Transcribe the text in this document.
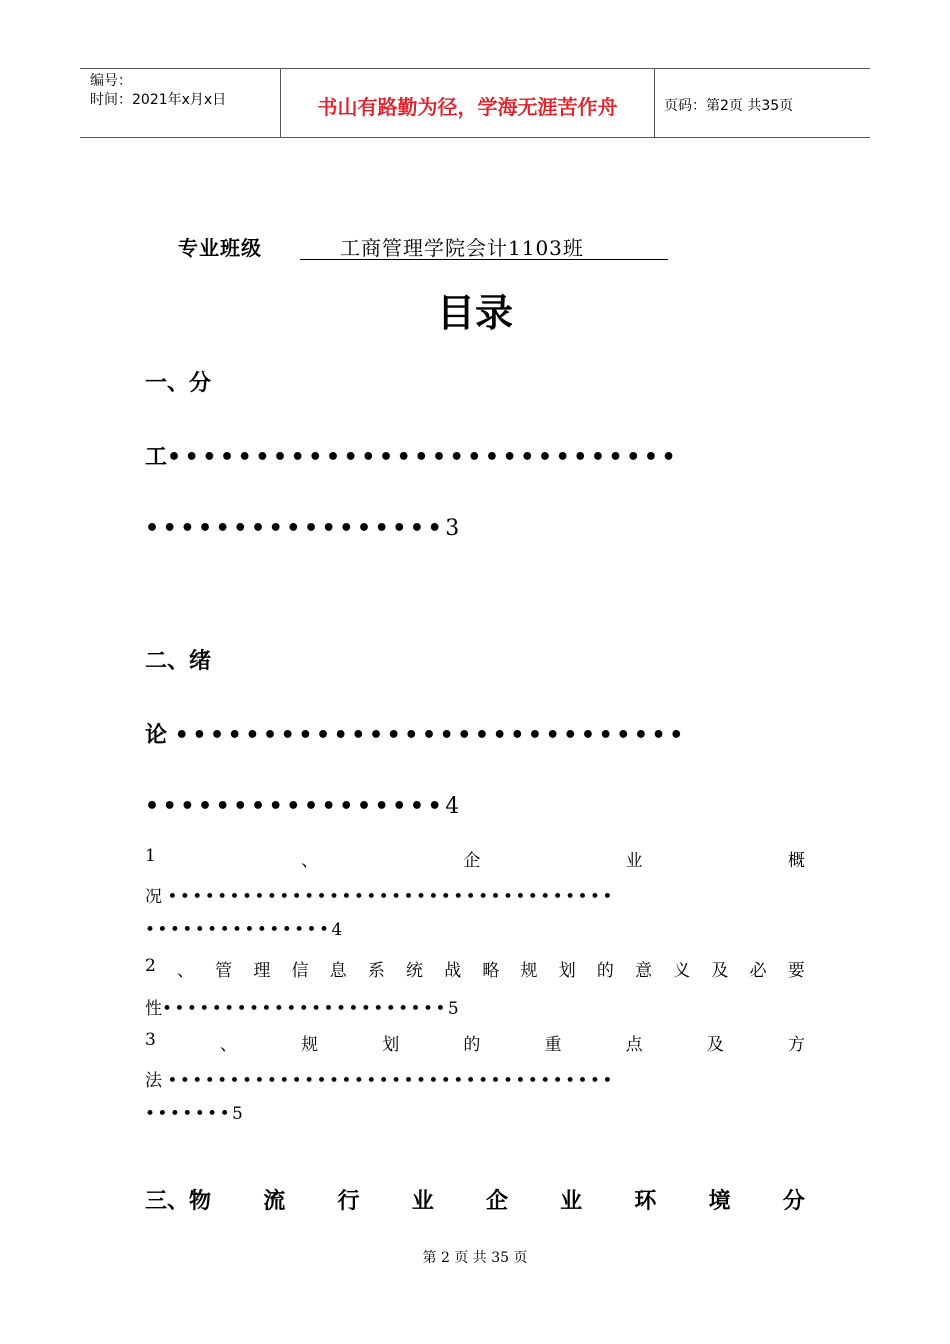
编号：
时间：2021年x月x日	书山有路勤为径，学海无涯苦作舟	页码：第2页 共35页
专业班级	工商管理学院会计1103班
目录
一、分
工•••••••••••••••••••••••••••••
•••••••••••••••••3
二、绪
论 •••••••••••••••••••••••••••••
•••••••••••••••••4
1	、	企	业	概
况 ••••••••••••••••••••••••••••••••••••
•••••••••••••••4
2 、 管 理 信 息 系 统 战 略 规 划 的 意 义 及 必 要
性•••••••••••••••••••••••5
3	、	规	划	的	重	点	及	方
法 ••••••••••••••••••••••••••••••••••••
•••••••5
三、物 流 行 业 企 业 环 境 分
第 2 页 共 35 页
